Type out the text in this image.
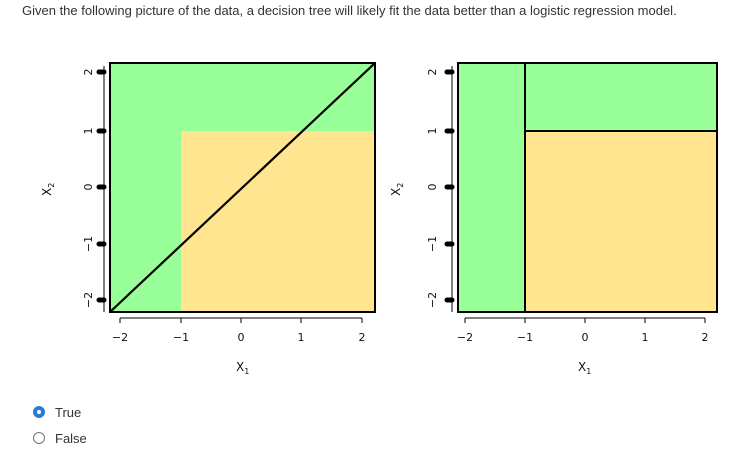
Given the following picture of the data, a decision tree will likely fit the data better than a logistic regression model.
2
1
0
−1
−2
−2	−1	0	1	2
$X_1$
$X_2$
2
1
0
−1
−2
−2	−1	0	1	2
$X_1$
$X_2$
True
False
